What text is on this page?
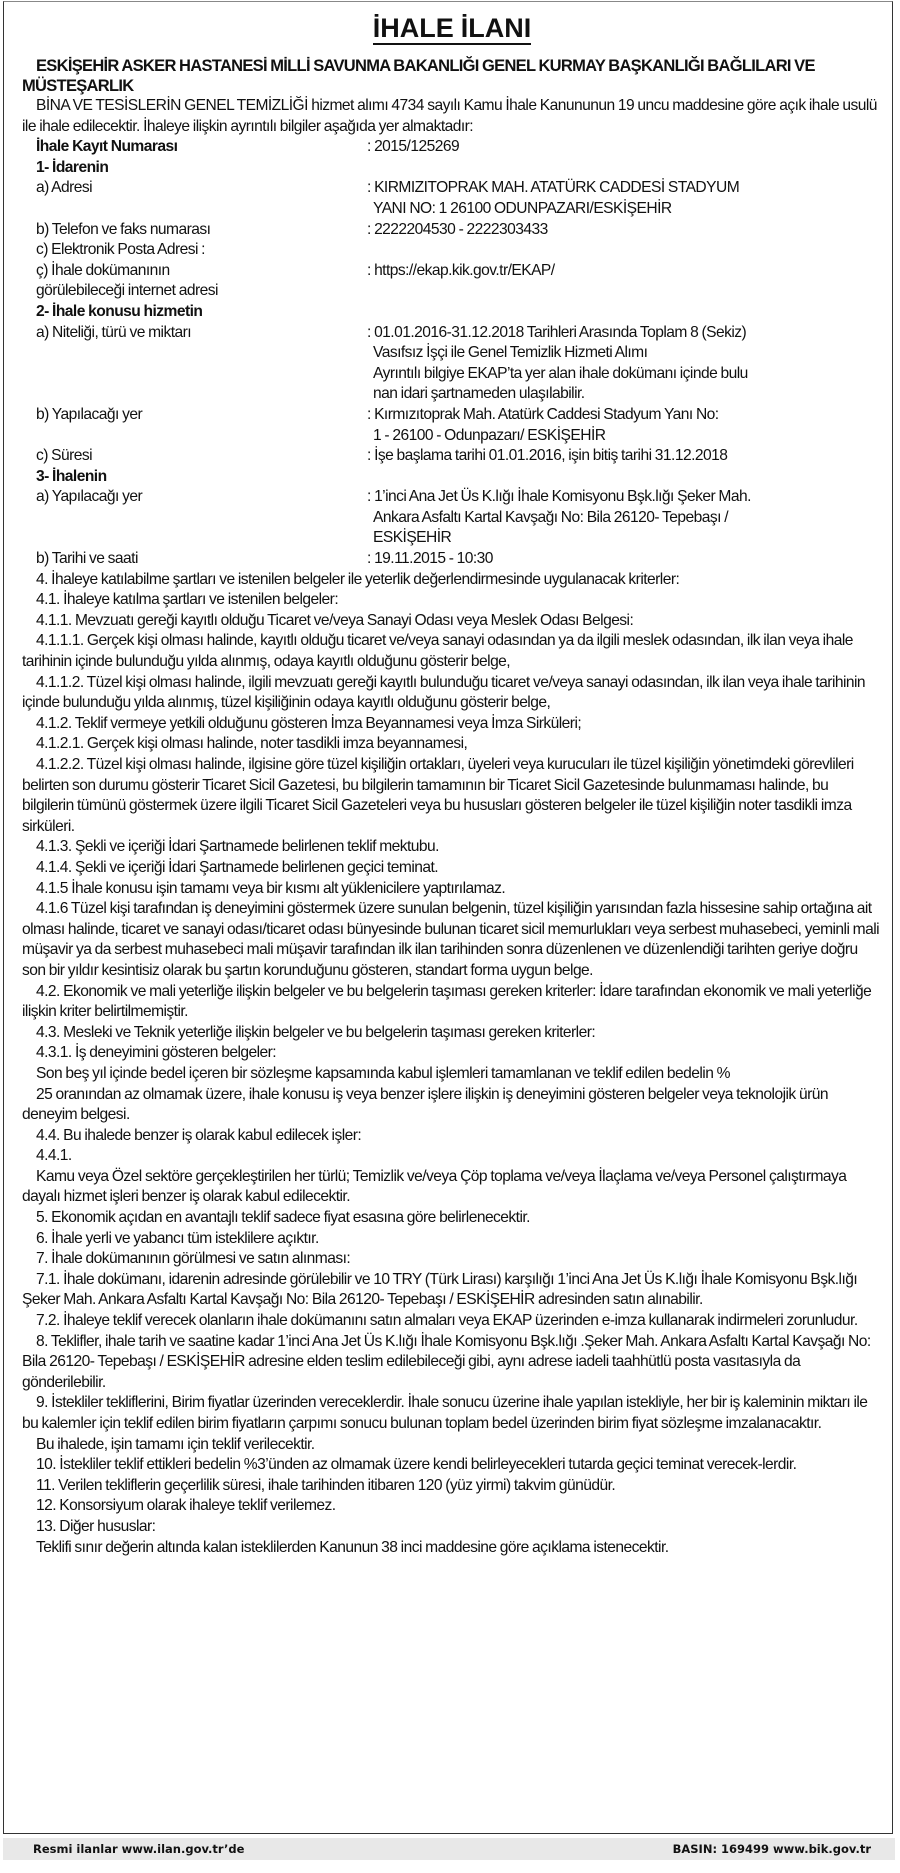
İHALE İLANI
ESKİŞEHİR ASKER HASTANESİ MİLLİ SAVUNMA BAKANLIĞI GENEL KURMAY BAŞKANLIĞI BAĞLILARI VE MÜSTEŞARLIK

BİNA VE TESİSLERİN GENEL TEMİZLİĞİ hizmet alımı 4734 sayılı Kamu İhale Kanununun 19 uncu maddesine göre açık ihale usulü ile ihale edilecektir. İhaleye ilişkin ayrıntılı bilgiler aşağıda yer almaktadır:

İhale Kayıt Numarası	: 2015/125269
1- İdarenin
a) Adresi	: KIRMIZITOPRAK MAH. ATATÜRK CADDESİ STADYUM
YANI NO: 1 26100 ODUNPAZARI/ESKİŞEHİR
b) Telefon ve faks numarası	: 2222204530 - 2222303433
c) Elektronik Posta Adresi :
ç) İhale dokümanının
görülebileceği internet adresi
: https://ekap.kik.gov.tr/EKAP/
2- İhale konusu hizmetin
a) Niteliği, türü ve miktarı	: 01.01.2016-31.12.2018 Tarihleri Arasında Toplam 8 (Sekiz)
Vasıfsız İşçi ile Genel Temizlik Hizmeti Alımı
Ayrıntılı bilgiye EKAP’ta yer alan ihale dokümanı içinde bulu
nan idari şartnameden ulaşılabilir.
b) Yapılacağı yer	: Kırmızıtoprak Mah. Atatürk Caddesi Stadyum Yanı No:
1 - 26100 - Odunpazarı/ ESKİŞEHİR
c) Süresi	: İşe başlama tarihi 01.01.2016, işin bitiş tarihi 31.12.2018
3- İhalenin
a) Yapılacağı yer	: 1’inci Ana Jet Üs K.lığı İhale Komisyonu Bşk.lığı Şeker Mah.
Ankara Asfaltı Kartal Kavşağı No: Bila 26120- Tepebaşı /
ESKİŞEHİR
b) Tarihi ve saati	: 19.11.2015 - 10:30

4. İhaleye katılabilme şartları ve istenilen belgeler ile yeterlik değerlendirmesinde uygulanacak kriterler:

4.1. İhaleye katılma şartları ve istenilen belgeler:

4.1.1. Mevzuatı gereği kayıtlı olduğu Ticaret ve/veya Sanayi Odası veya Meslek Odası Belgesi:

4.1.1.1. Gerçek kişi olması halinde, kayıtlı olduğu ticaret ve/veya sanayi odasından ya da ilgili meslek odasından, ilk ilan veya ihale tarihinin içinde bulunduğu yılda alınmış, odaya kayıtlı olduğunu gösterir belge,

4.1.1.2. Tüzel kişi olması halinde, ilgili mevzuatı gereği kayıtlı bulunduğu ticaret ve/veya sanayi odasından, ilk ilan veya ihale tarihinin içinde bulunduğu yılda alınmış, tüzel kişiliğinin odaya kayıtlı olduğunu gösterir belge,

4.1.2. Teklif vermeye yetkili olduğunu gösteren İmza Beyannamesi veya İmza Sirküleri;

4.1.2.1. Gerçek kişi olması halinde, noter tasdikli imza beyannamesi,

4.1.2.2. Tüzel kişi olması halinde, ilgisine göre tüzel kişiliğin ortakları, üyeleri veya kurucuları ile tüzel kişiliğin yönetimdeki görevlileri belirten son durumu gösterir Ticaret Sicil Gazetesi, bu bilgilerin tamamının bir Ticaret Sicil Gazetesinde bulunmaması halinde, bu bilgilerin tümünü göstermek üzere ilgili Ticaret Sicil Gazeteleri veya bu hususları gösteren belgeler ile tüzel kişiliğin noter tasdikli imza sirküleri.

4.1.3. Şekli ve içeriği İdari Şartnamede belirlenen teklif mektubu.

4.1.4. Şekli ve içeriği İdari Şartnamede belirlenen geçici teminat.

4.1.5 İhale konusu işin tamamı veya bir kısmı alt yüklenicilere yaptırılamaz.

4.1.6 Tüzel kişi tarafından iş deneyimini göstermek üzere sunulan belgenin, tüzel kişiliğin yarısından fazla hissesine sahip ortağına ait olması halinde, ticaret ve sanayi odası/ticaret odası bünyesinde bulunan ticaret sicil memurlukları veya serbest muhasebeci, yeminli mali müşavir ya da serbest muhasebeci mali müşavir tarafından ilk ilan tarihinden sonra düzenlenen ve düzenlendiği tarihten geriye doğru son bir yıldır kesintisiz olarak bu şartın korunduğunu gösteren, standart forma uygun belge.

4.2. Ekonomik ve mali yeterliğe ilişkin belgeler ve bu belgelerin taşıması gereken kriterler: İdare tarafından ekonomik ve mali yeterliğe ilişkin kriter belirtilmemiştir.

4.3. Mesleki ve Teknik yeterliğe ilişkin belgeler ve bu belgelerin taşıması gereken kriterler:

4.3.1. İş deneyimini gösteren belgeler:

Son beş yıl içinde bedel içeren bir sözleşme kapsamında kabul işlemleri tamamlanan ve teklif edilen bedelin %

25 oranından az olmamak üzere, ihale konusu iş veya benzer işlere ilişkin iş deneyimini gösteren belgeler veya teknolojik ürün deneyim belgesi.

4.4. Bu ihalede benzer iş olarak kabul edilecek işler:

4.4.1.

Kamu veya Özel sektöre gerçekleştirilen her türlü; Temizlik ve/veya Çöp toplama ve/veya İlaçlama ve/veya Personel çalıştırmaya dayalı hizmet işleri benzer iş olarak kabul edilecektir.

5. Ekonomik açıdan en avantajlı teklif sadece fiyat esasına göre belirlenecektir.

6. İhale yerli ve yabancı tüm isteklilere açıktır.

7. İhale dokümanının görülmesi ve satın alınması:

7.1. İhale dokümanı, idarenin adresinde görülebilir ve 10 TRY (Türk Lirası) karşılığı 1’inci Ana Jet Üs K.lığı İhale Komisyonu Bşk.lığı Şeker Mah. Ankara Asfaltı Kartal Kavşağı No: Bila 26120- Tepebaşı / ESKİŞEHİR adresinden satın alınabilir.

7.2. İhaleye teklif verecek olanların ihale dokümanını satın almaları veya EKAP üzerinden e-imza kullanarak indirmeleri zorunludur.

8. Teklifler, ihale tarih ve saatine kadar 1’inci Ana Jet Üs K.lığı İhale Komisyonu Bşk.lığı .Şeker Mah. Ankara Asfaltı Kartal Kavşağı No: Bila 26120- Tepebaşı / ESKİŞEHİR adresine elden teslim edilebileceği gibi, aynı adrese iadeli taahhütlü posta vasıtasıyla da gönderilebilir.

9. İstekliler tekliflerini, Birim fiyatlar üzerinden vereceklerdir. İhale sonucu üzerine ihale yapılan istekliyle, her bir iş kaleminin miktarı ile bu kalemler için teklif edilen birim fiyatların çarpımı sonucu bulunan toplam bedel üzerinden birim fiyat sözleşme imzalanacaktır.

Bu ihalede, işin tamamı için teklif verilecektir.

10. İstekliler teklif ettikleri bedelin %3’ünden az olmamak üzere kendi belirleyecekleri tutarda geçici teminat verecek-lerdir.

11. Verilen tekliflerin geçerlilik süresi, ihale tarihinden itibaren 120 (yüz yirmi) takvim günüdür.

12. Konsorsiyum olarak ihaleye teklif verilemez.

13. Diğer hususlar:

Teklifi sınır değerin altında kalan isteklilerden Kanunun 38 inci maddesine göre açıklama istenecektir.

Resmi ilanlar www.ilan.gov.tr’de	BASIN: 169499 www.bik.gov.tr
